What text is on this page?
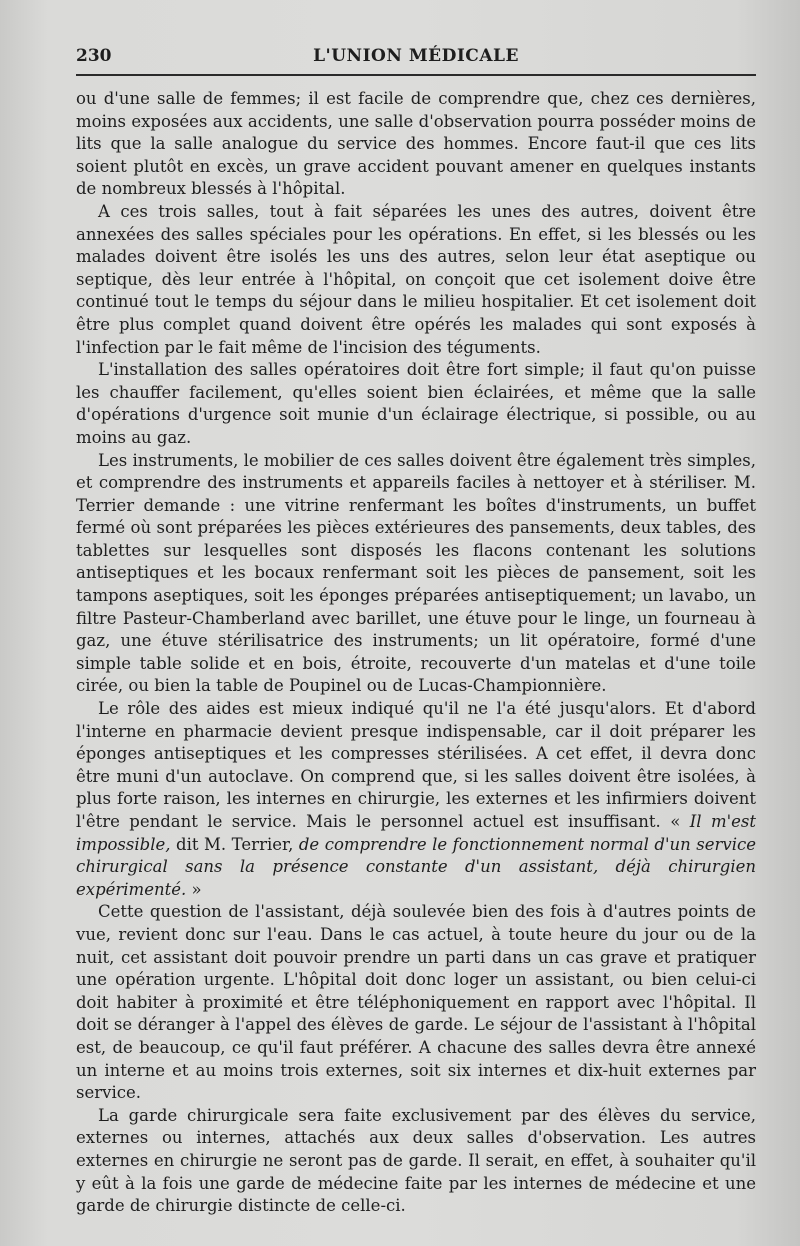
230	L'UNION MÉDICALE

ou d'une salle de femmes; il est facile de comprendre que, chez ces dernières, moins exposées aux accidents, une salle d'observation pourra posséder moins de lits que la salle analogue du service des hommes. Encore faut-il que ces lits soient plutôt en excès, un grave accident pouvant amener en quelques instants de nombreux blessés à l'hôpital.

A ces trois salles, tout à fait séparées les unes des autres, doivent être annexées des salles spéciales pour les opérations. En effet, si les blessés ou les malades doivent être isolés les uns des autres, selon leur état aseptique ou septique, dès leur entrée à l'hôpital, on conçoit que cet isolement doive être continué tout le temps du séjour dans le milieu hospitalier. Et cet isolement doit être plus complet quand doivent être opérés les malades qui sont exposés à l'infection par le fait même de l'incision des téguments.

L'installation des salles opératoires doit être fort simple; il faut qu'on puisse les chauffer facilement, qu'elles soient bien éclairées, et même que la salle d'opérations d'urgence soit munie d'un éclairage électrique, si possible, ou au moins au gaz.

Les instruments, le mobilier de ces salles doivent être également très simples, et comprendre des instruments et appareils faciles à nettoyer et à stériliser. M. Terrier demande : une vitrine renfermant les boîtes d'instruments, un buffet fermé où sont préparées les pièces extérieures des pansements, deux tables, des tablettes sur lesquelles sont disposés les flacons contenant les solutions antiseptiques et les bocaux renfermant soit les pièces de pansement, soit les tampons aseptiques, soit les éponges préparées antiseptiquement; un lavabo, un filtre Pasteur-Chamberland avec barillet, une étuve pour le linge, un fourneau à gaz, une étuve stérilisatrice des instruments; un lit opératoire, formé d'une simple table solide et en bois, étroite, recouverte d'un matelas et d'une toile cirée, ou bien la table de Poupinel ou de Lucas-Championnière.

Le rôle des aides est mieux indiqué qu'il ne l'a été jusqu'alors. Et d'abord l'interne en pharmacie devient presque indispensable, car il doit préparer les éponges antiseptiques et les compresses stérilisées. A cet effet, il devra donc être muni d'un autoclave. On comprend que, si les salles doivent être isolées, à plus forte raison, les internes en chirurgie, les externes et les infirmiers doivent l'être pendant le service. Mais le personnel actuel est insuffisant. « Il m'est impossible, dit M. Terrier, de comprendre le fonctionnement normal d'un service chirurgical sans la présence constante d'un assistant, déjà chirurgien expérimenté. »

Cette question de l'assistant, déjà soulevée bien des fois à d'autres points de vue, revient donc sur l'eau. Dans le cas actuel, à toute heure du jour ou de la nuit, cet assistant doit pouvoir prendre un parti dans un cas grave et pratiquer une opération urgente. L'hôpital doit donc loger un assistant, ou bien celui-ci doit habiter à proximité et être téléphoniquement en rapport avec l'hôpital. Il doit se déranger à l'appel des élèves de garde. Le séjour de l'assistant à l'hôpital est, de beaucoup, ce qu'il faut préférer. A chacune des salles devra être annexé un interne et au moins trois externes, soit six internes et dix-huit externes par service.

La garde chirurgicale sera faite exclusivement par des élèves du service, externes ou internes, attachés aux deux salles d'observation. Les autres externes en chirurgie ne seront pas de garde. Il serait, en effet, à souhaiter qu'il y eût à la fois une garde de médecine faite par les internes de médecine et une garde de chirurgie distincte de celle-ci.
